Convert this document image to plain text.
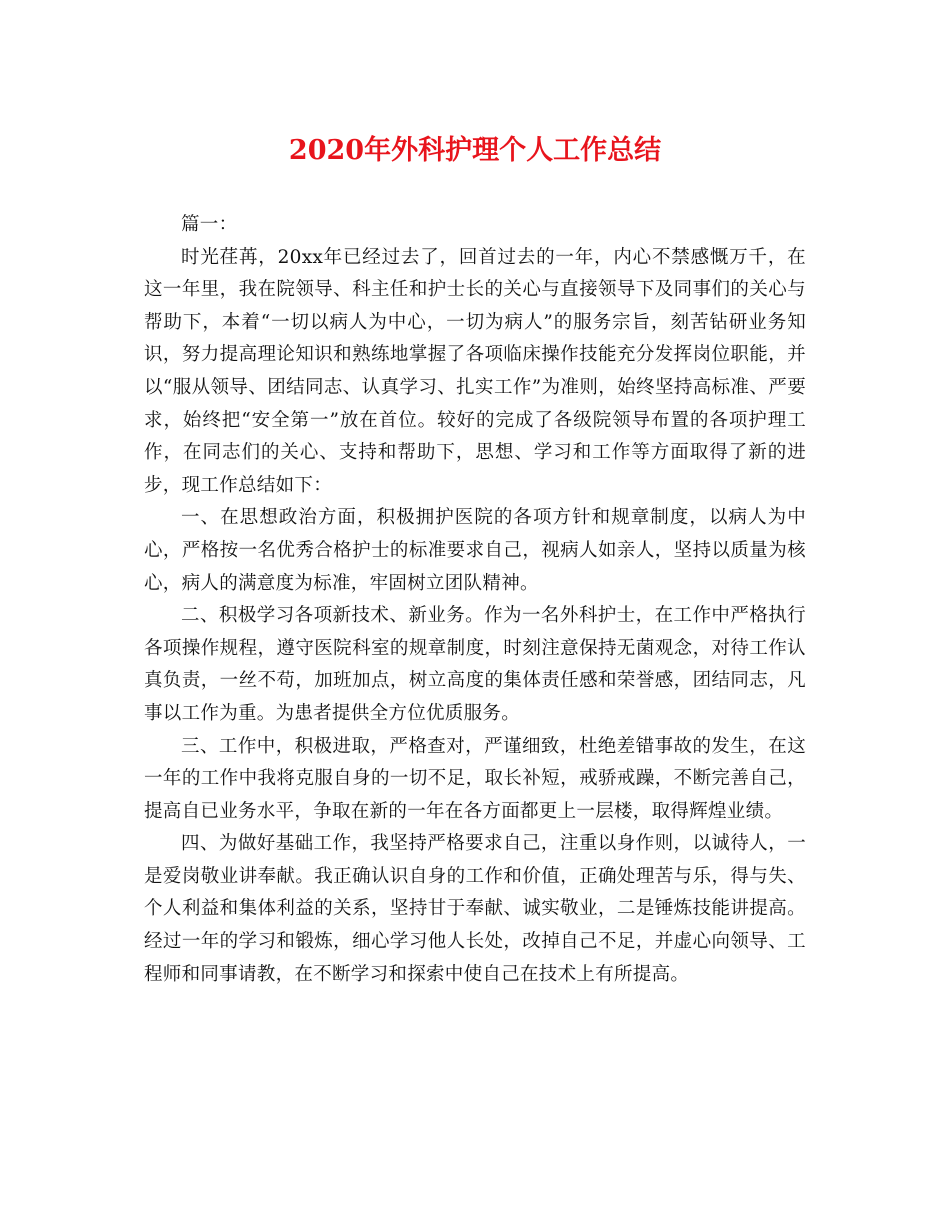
2020年外科护理个人工作总结

篇一：

时光荏苒，20xx年已经过去了，回首过去的一年，内心不禁感慨万千，在这一年里，我在院领导、科主任和护士长的关心与直接领导下及同事们的关心与帮助下，本着“一切以病人为中心，一切为病人”的服务宗旨，刻苦钻研业务知识，努力提高理论知识和熟练地掌握了各项临床操作技能充分发挥岗位职能，并以“服从领导、团结同志、认真学习、扎实工作”为准则，始终坚持高标准、严要求，始终把“安全第一”放在首位。较好的完成了各级院领导布置的各项护理工作，在同志们的关心、支持和帮助下，思想、学习和工作等方面取得了新的进步，现工作总结如下：

一、在思想政治方面，积极拥护医院的各项方针和规章制度，以病人为中心，严格按一名优秀合格护士的标准要求自己，视病人如亲人，坚持以质量为核心，病人的满意度为标准，牢固树立团队精神。

二、积极学习各项新技术、新业务。作为一名外科护士，在工作中严格执行各项操作规程，遵守医院科室的规章制度，时刻注意保持无菌观念，对待工作认真负责，一丝不苟，加班加点，树立高度的集体责任感和荣誉感，团结同志，凡事以工作为重。为患者提供全方位优质服务。

三、工作中，积极进取，严格查对，严谨细致，杜绝差错事故的发生，在这一年的工作中我将克服自身的一切不足，取长补短，戒骄戒躁，不断完善自己，提高自已业务水平，争取在新的一年在各方面都更上一层楼，取得辉煌业绩。

四、为做好基础工作，我坚持严格要求自己，注重以身作则，以诚待人，一是爱岗敬业讲奉献。我正确认识自身的工作和价值，正确处理苦与乐，得与失、个人利益和集体利益的关系，坚持甘于奉献、诚实敬业，二是锤炼技能讲提高。经过一年的学习和锻炼，细心学习他人长处，改掉自己不足，并虚心向领导、工程师和同事请教，在不断学习和探索中使自己在技术上有所提高。
